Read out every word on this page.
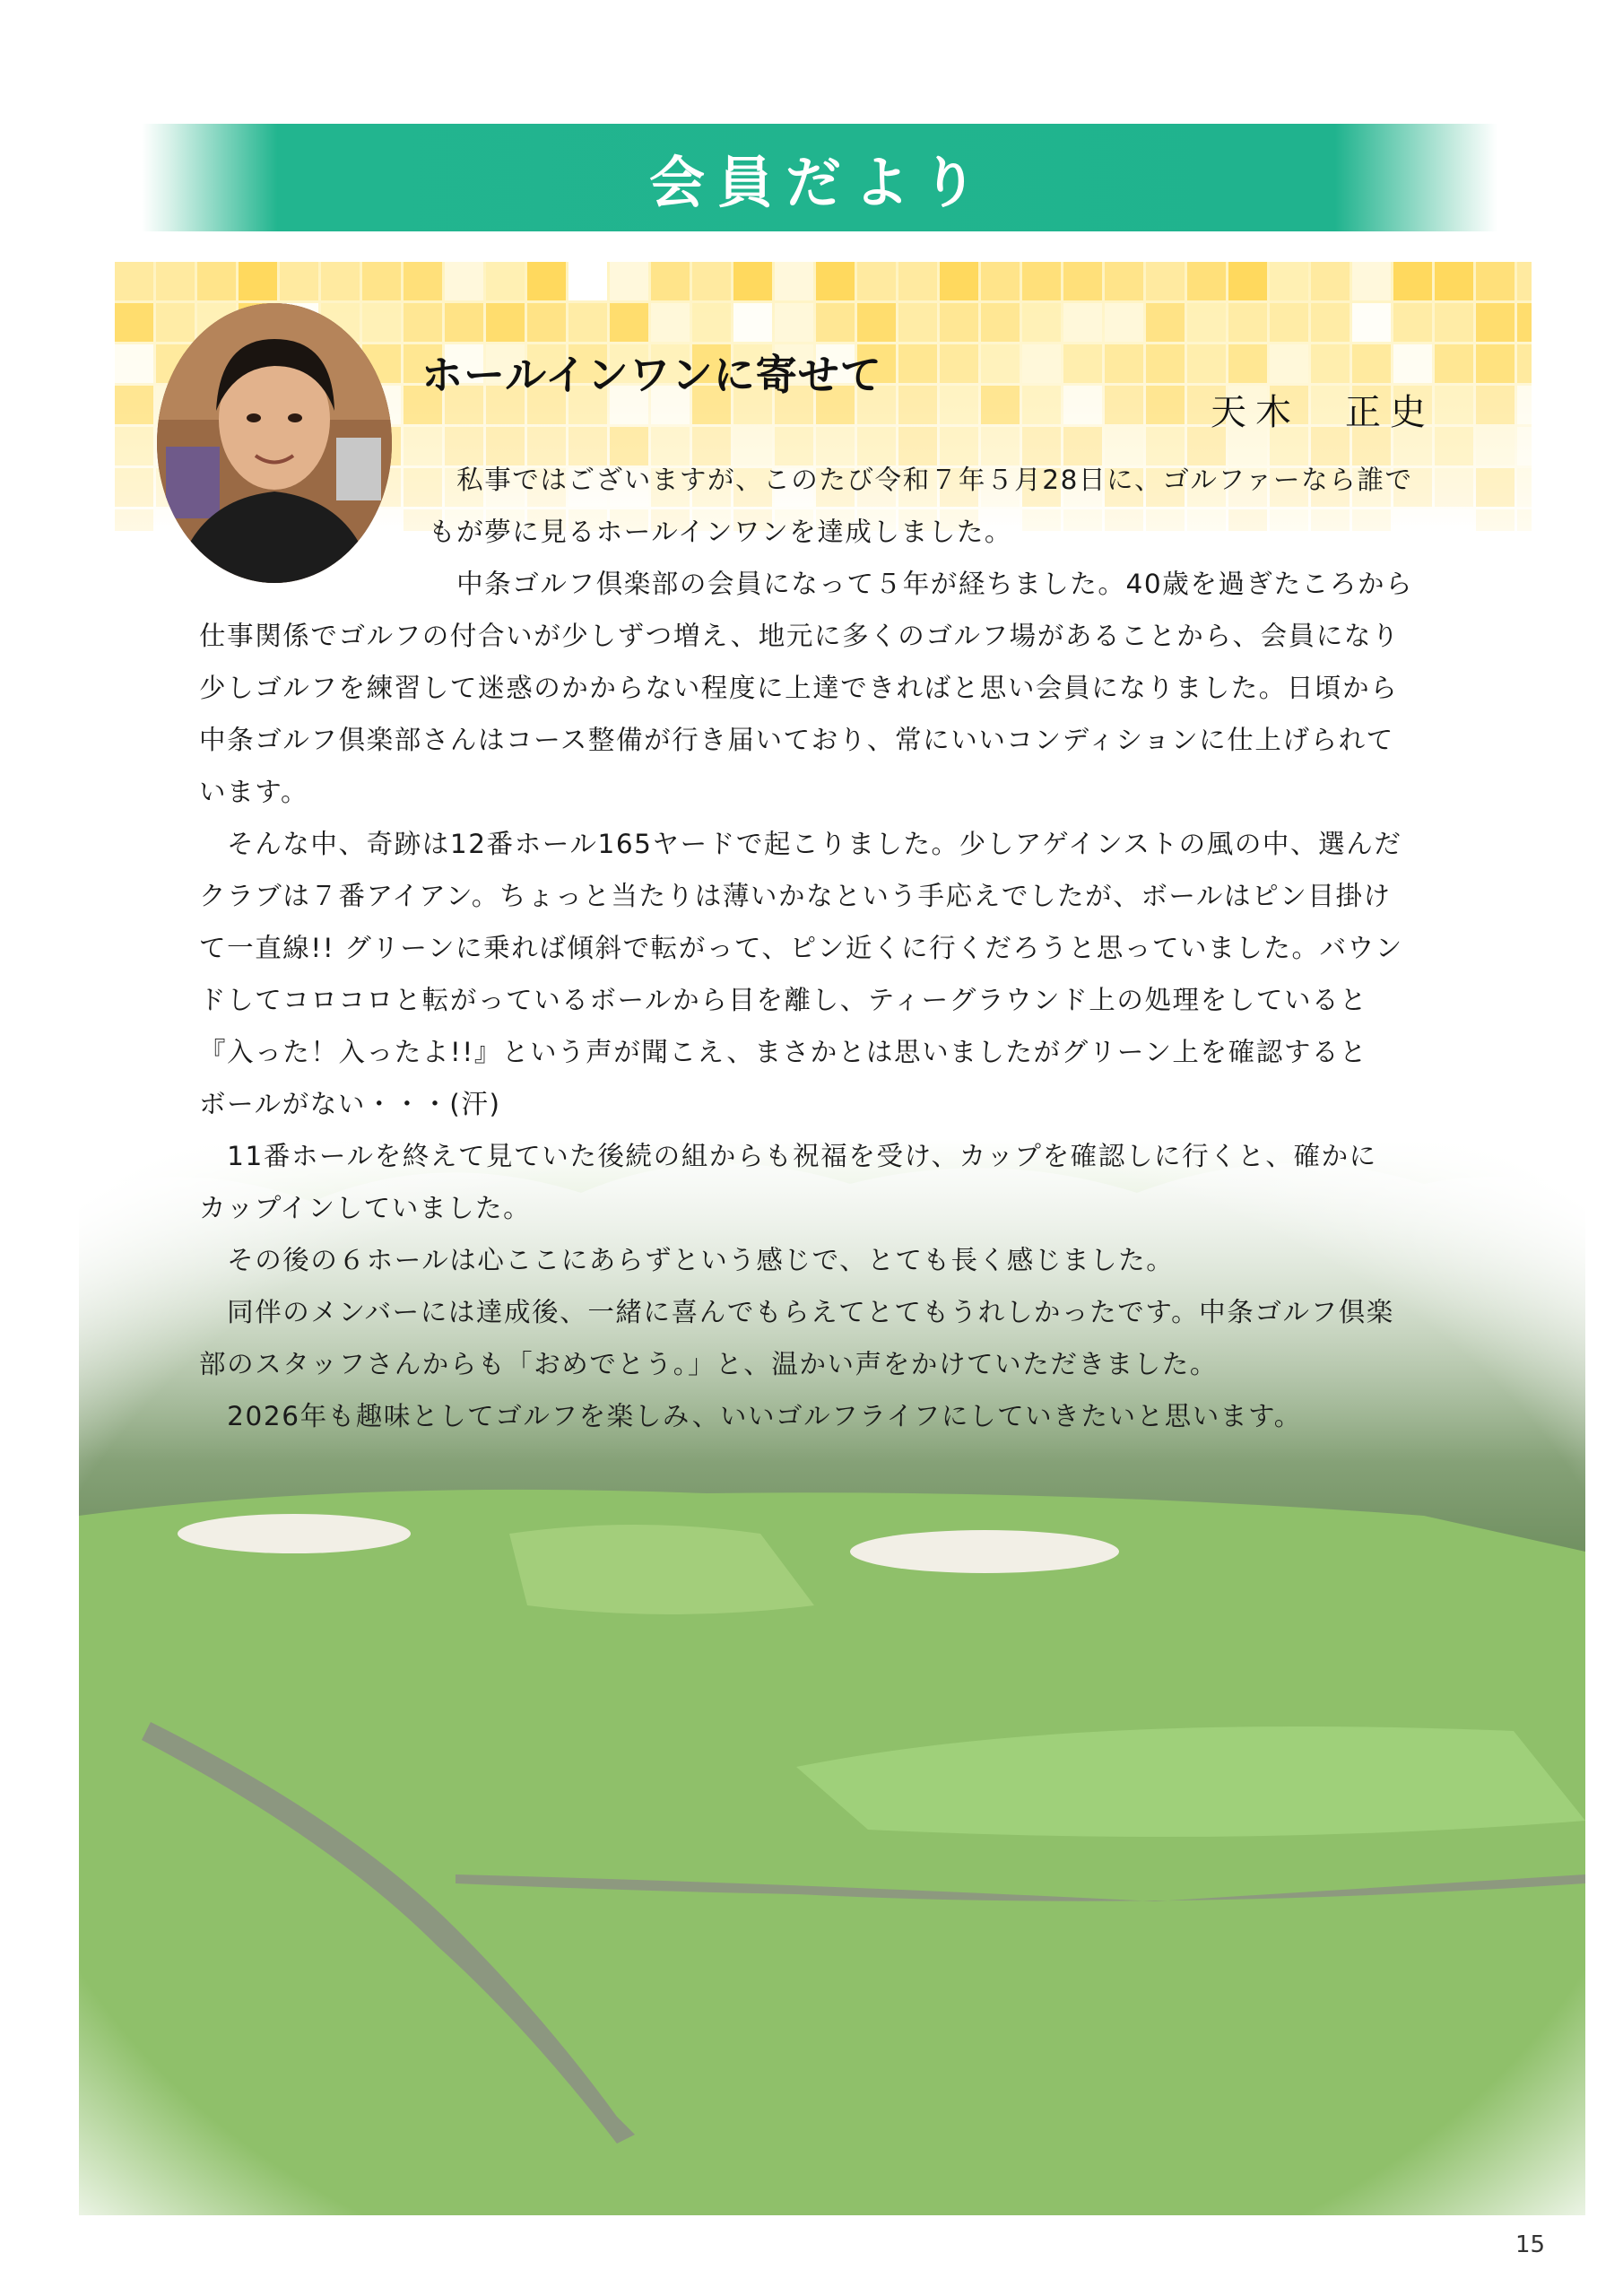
会員だより
ホールインワンに寄せて
天木　正史
　私事ではございますが、このたび令和７年５月28日に、ゴルファーなら誰で
もが夢に見るホールインワンを達成しました。
　中条ゴルフ倶楽部の会員になって５年が経ちました。40歳を過ぎたころから
仕事関係でゴルフの付合いが少しずつ増え、地元に多くのゴルフ場があることから、会員になり
少しゴルフを練習して迷惑のかからない程度に上達できればと思い会員になりました。日頃から
中条ゴルフ倶楽部さんはコース整備が行き届いており、常にいいコンディションに仕上げられて
います。
　そんな中、奇跡は12番ホール165ヤードで起こりました。少しアゲインストの風の中、選んだ
クラブは７番アイアン。ちょっと当たりは薄いかなという手応えでしたが、ボールはピン目掛け
て一直線!! グリーンに乗れば傾斜で転がって、ピン近くに行くだろうと思っていました。バウン
ドしてコロコロと転がっているボールから目を離し、ティーグラウンド上の処理をしていると
『入った！入ったよ!!』という声が聞こえ、まさかとは思いましたがグリーン上を確認すると
ボールがない・・・(汗)
　11番ホールを終えて見ていた後続の組からも祝福を受け、カップを確認しに行くと、確かに
カップインしていました。
　その後の６ホールは心ここにあらずという感じで、とても長く感じました。
　同伴のメンバーには達成後、一緒に喜んでもらえてとてもうれしかったです。中条ゴルフ倶楽
部のスタッフさんからも「おめでとう。」と、温かい声をかけていただきました。
　2026年も趣味としてゴルフを楽しみ、いいゴルフライフにしていきたいと思います。
15
